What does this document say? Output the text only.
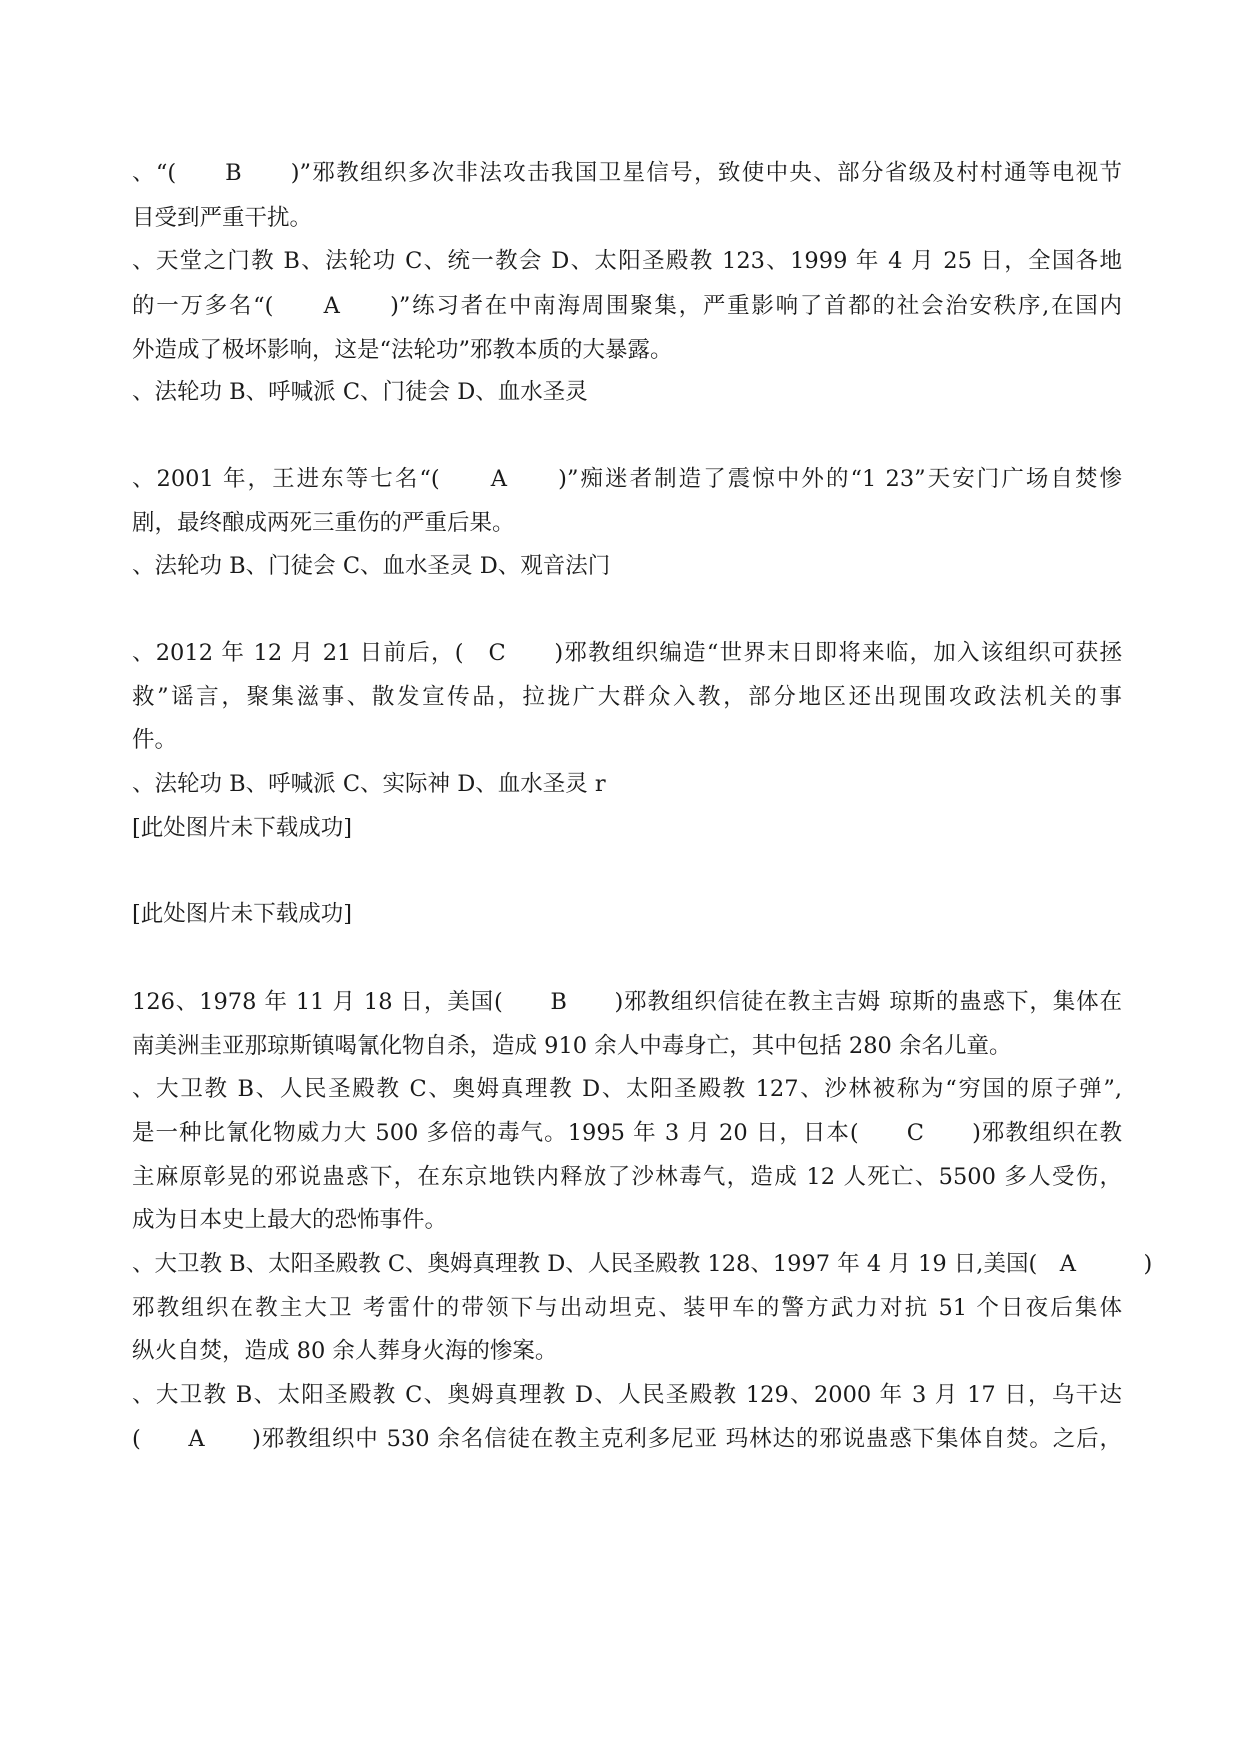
、“(　　B　　)”邪教组织多次非法攻击我国卫星信号，致使中央、部分省级及村村通等电视节
目受到严重干扰。
、天堂之门教 B、法轮功 C、统一教会 D、太阳圣殿教 123、1999 年 4 月 25 日，全国各地
的一万多名“(　　A　　)”练习者在中南海周围聚集，严重影响了首都的社会治安秩序,在国内
外造成了极坏影响，这是“法轮功”邪教本质的大暴露。
、法轮功 B、呼喊派 C、门徒会 D、血水圣灵
、2001 年，王进东等七名“(　　A　　)”痴迷者制造了震惊中外的“1 23”天安门广场自焚惨
剧，最终酿成两死三重伤的严重后果。
、法轮功 B、门徒会 C、血水圣灵 D、观音法门
、2012 年 12 月 21 日前后，(　C　　)邪教组织编造“世界末日即将来临，加入该组织可获拯
救”谣言，聚集滋事、散发宣传品，拉拢广大群众入教，部分地区还出现围攻政法机关的事
件。
、法轮功 B、呼喊派 C、实际神 D、血水圣灵 r
[此处图片未下载成功]
[此处图片未下载成功]
126、1978 年 11 月 18 日，美国(　　B　　)邪教组织信徒在教主吉姆 琼斯的蛊惑下，集体在
南美洲圭亚那琼斯镇喝氰化物自杀，造成 910 余人中毒身亡，其中包括 280 余名儿童。
、大卫教 B、人民圣殿教 C、奥姆真理教 D、太阳圣殿教 127、沙林被称为“穷国的原子弹”,
是一种比氰化物威力大 500 多倍的毒气。1995 年 3 月 20 日，日本(　　C　　)邪教组织在教
主麻原彰晃的邪说蛊惑下，在东京地铁内释放了沙林毒气，造成 12 人死亡、5500 多人受伤，
成为日本史上最大的恐怖事件。
、大卫教 B、太阳圣殿教 C、奥姆真理教 D、人民圣殿教 128、1997 年 4 月 19 日,美国(　A　　　)
邪教组织在教主大卫 考雷什的带领下与出动坦克、装甲车的警方武力对抗 51 个日夜后集体
纵火自焚，造成 80 余人葬身火海的惨案。
、大卫教 B、太阳圣殿教 C、奥姆真理教 D、人民圣殿教 129、2000 年 3 月 17 日，乌干达
(　　A　　)邪教组织中 530 余名信徒在教主克利多尼亚 玛林达的邪说蛊惑下集体自焚。之后，
